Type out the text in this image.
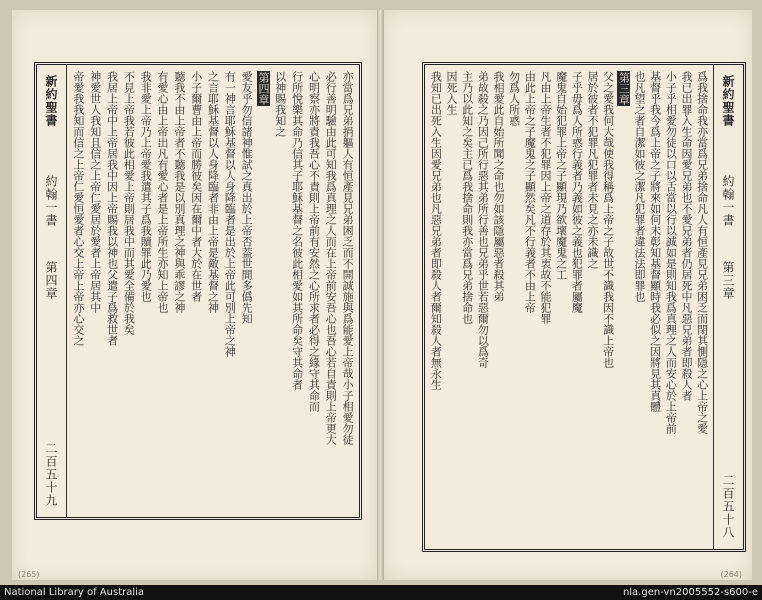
新約聖書
約翰一書
第四章
二百五十九
亦當爲兄弟捐軀人有恒產見兄弟困乏而不開誠施與爲能愛上帝哉小子相愛勿徒
必行善明驗由此可知我爲真理之人而在上帝前安吾心也吾心若自責則上帝更大
心明察亦將責我吾心不責則上帝前有安然之心所求者必得之緣守其命而
行所悅樂其命乃信其子耶穌基督之名彼此相愛如其所命矣守其命者
以神賜我知之
第四章
愛友乎勿信諸神惟試之真出於上帝否葢世間多僞先知
有一神言耶穌基督以人身降臨者是出於上帝此可別上帝之神
之言耶穌基督以人身降臨者非由上帝是敵基督之神
小子爾曹由上帝而勝彼矣因在爾中者大於在世者
聽我不由上帝者不聽我是以別真理之神與乖謬之神
有愛心由上帝出凡有愛心者是上帝所生亦知上帝也
我非愛上帝乃上帝愛我遣其子爲我贖罪此乃愛也
不見上帝我若彼此相愛上帝則居我中而其愛全備於我矣
我居上帝中上帝居我中因上帝賜我以神也父遣子爲救世者
神愛世人我知且信之上帝仁愛居於愛者上帝居其中
帝愛我我知而信之上帝仁愛恒愛者心交上帝上帝亦心交之
(265)
新約聖書
約翰一書
第三章
二百五十八
爲我捨命我亦當爲兄弟捨命凡人有恒產見兄弟困乏而閉其惻隱之心上帝之愛
我已出罪入生命因愛兄弟也不愛兄弟者仍居死中凡惡兄弟者即殺人者
小子乎相愛勿徒以口以舌當以行以誠如是則知我爲真理之人而安心於上帝前
基督乎我今爲上帝之子將來如何未彰知基督顯時我必似之因將見其真體
也凡望之者自潔如彼之潔凡犯罪者違法法即罪也
第三章
父之愛我何大哉使我得稱爲上帝之子故世不識我因不識上帝也
居於彼者不犯罪凡犯罪者未見之亦未識之
子乎毋爲人所惑行義者乃義如彼之義也犯罪者屬魔
魔鬼自始犯罪上帝之子顯現乃欲壞魔鬼之工
凡由上帝生者不犯罪因上帝之道存於其衷故不能犯罪
由此上帝之子魔鬼之子顯然矣凡不行義者不由上帝
勿爲人所惑
我相愛此自始所聞之命也勿如該隱屬惡者殺其弟
弟故殺之乃因己所行惡其弟所行善也兄弟乎世若惡爾勿以爲奇
主乃以此知之矣主已爲我捨命則我亦當爲兄弟捨命也
因死入生
我知已出死入生因愛兄弟也凡惡兄弟者即殺人者爾知殺人者無永生
(264)
National Library of Australia	nla.gen-vn2005552-s600-e
